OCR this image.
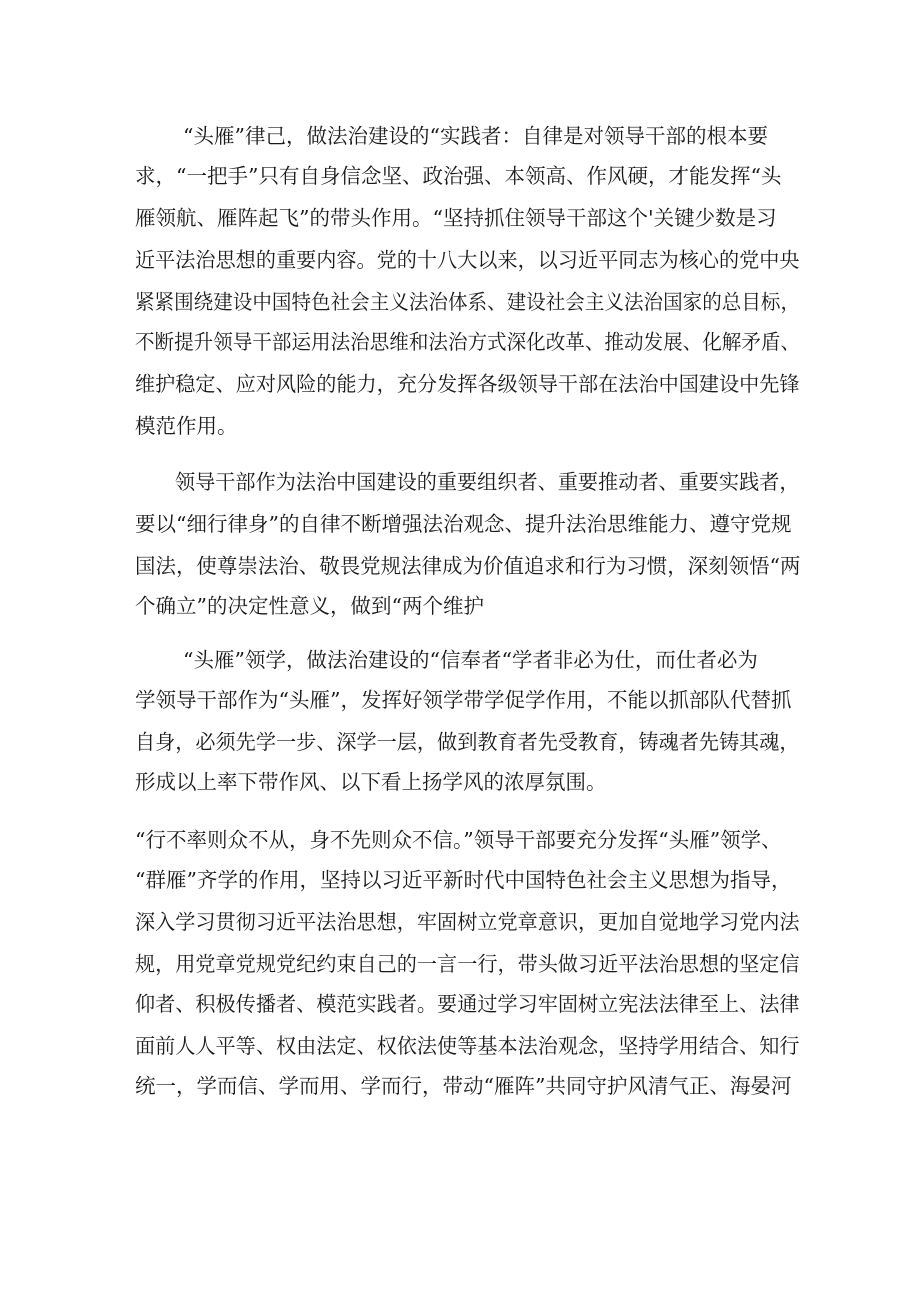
“头雁”律己，做法治建设的“实践者：自律是对领导干部的根本要
求，“一把手”只有自身信念坚、政治强、本领高、作风硬，才能发挥“头
雁领航、雁阵起飞”的带头作用。“坚持抓住领导干部这个'关键少数是习
近平法治思想的重要内容。党的十八大以来，以习近平同志为核心的党中央
紧紧围绕建设中国特色社会主义法治体系、建设社会主义法治国家的总目标，
不断提升领导干部运用法治思维和法治方式深化改革、推动发展、化解矛盾、
维护稳定、应对风险的能力，充分发挥各级领导干部在法治中国建设中先锋
模范作用。
领导干部作为法治中国建设的重要组织者、重要推动者、重要实践者，
要以“细行律身”的自律不断增强法治观念、提升法治思维能力、遵守党规
国法，使尊崇法治、敬畏党规法律成为价值追求和行为习惯，深刻领悟“两
个确立”的决定性意义，做到“两个维护
“头雁”领学，做法治建设的“信奉者“学者非必为仕，而仕者必为
学领导干部作为“头雁”，发挥好领学带学促学作用，不能以抓部队代替抓
自身，必须先学一步、深学一层，做到教育者先受教育，铸魂者先铸其魂，
形成以上率下带作风、以下看上扬学风的浓厚氛围。
“行不率则众不从，身不先则众不信。”领导干部要充分发挥“头雁”领学、
“群雁”齐学的作用，坚持以习近平新时代中国特色社会主义思想为指导，
深入学习贯彻习近平法治思想，牢固树立党章意识，更加自觉地学习党内法
规，用党章党规党纪约束自己的一言一行，带头做习近平法治思想的坚定信
仰者、积极传播者、模范实践者。要通过学习牢固树立宪法法律至上、法律
面前人人平等、权由法定、权依法使等基本法治观念，坚持学用结合、知行
统一，学而信、学而用、学而行，带动“雁阵”共同守护风清气正、海晏河
